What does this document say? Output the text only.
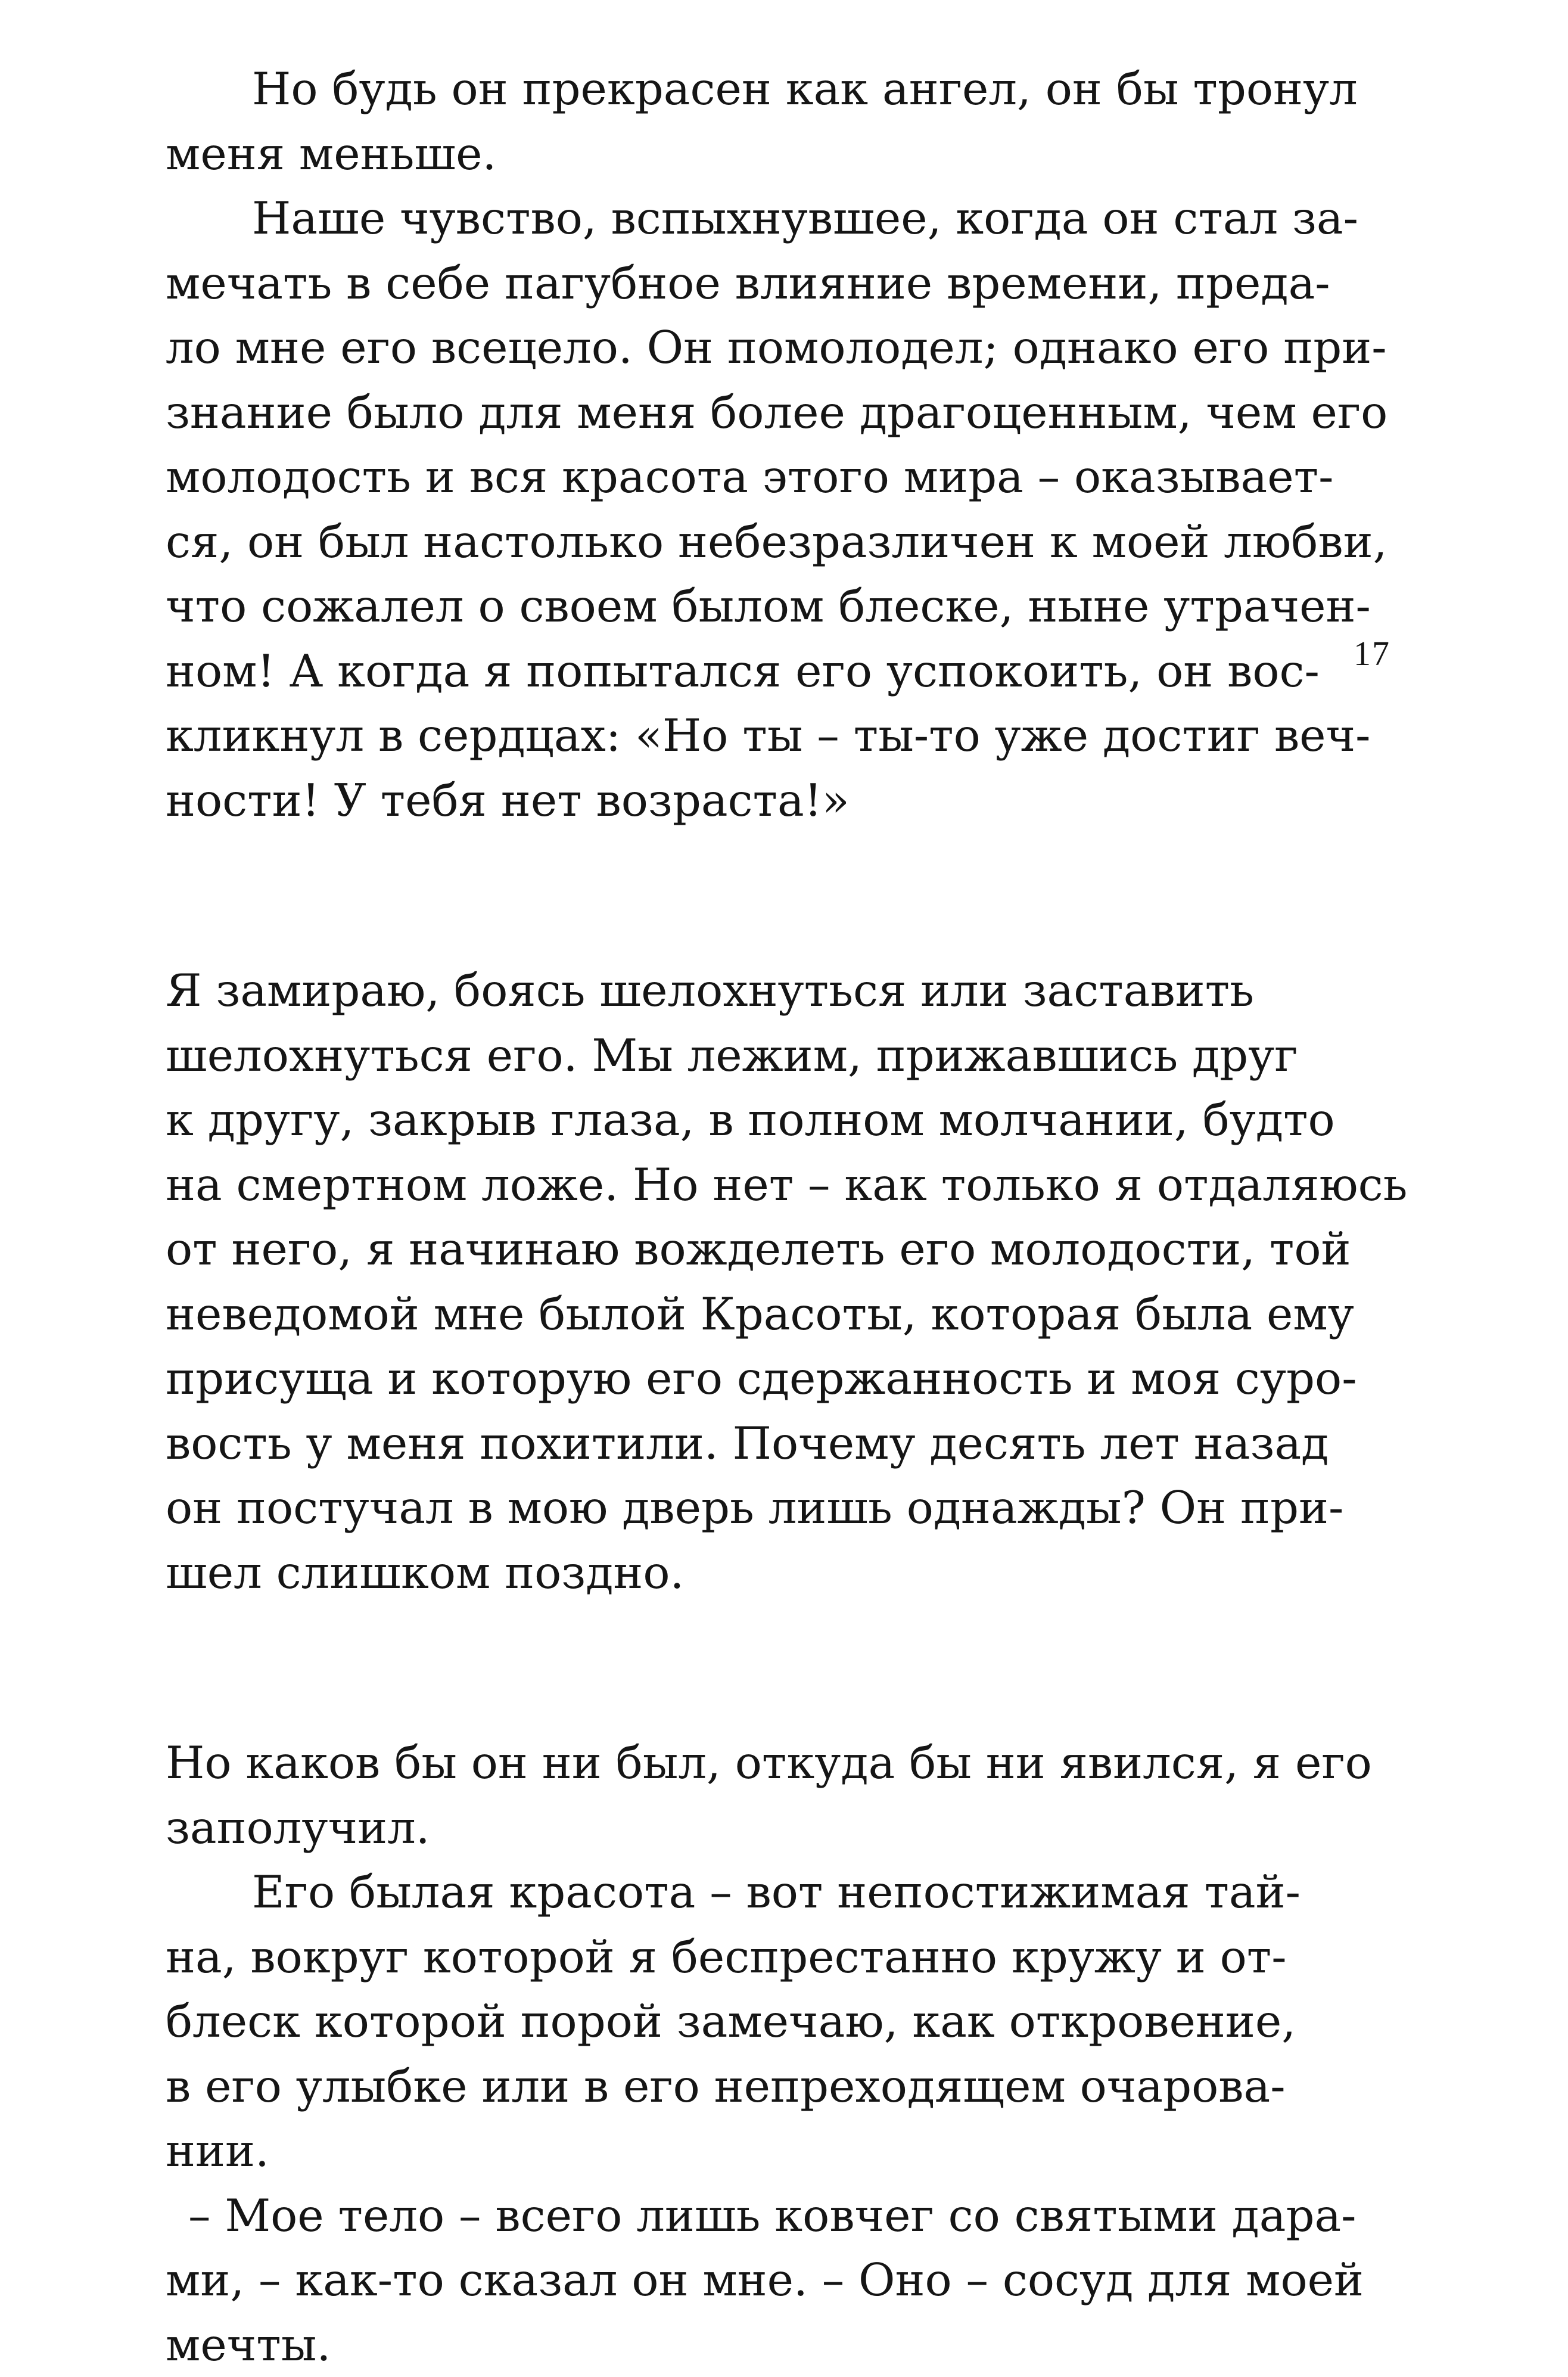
Но будь он прекрасен как ангел, он бы тронул
меня меньше.
Наше чувство, вспыхнувшее, когда он стал за-
мечать в себе пагубное влияние времени, преда-
ло мне его всецело. Он помолодел; однако его при-
знание было для меня более драгоценным, чем его
молодость и вся красота этого мира – оказывает-
ся, он был настолько небезразличен к моей любви,
что сожалел о своем былом блеске, ныне утрачен-
ном! А когда я попытался его успокоить, он вос-
кликнул в сердцах: «Но ты – ты-то уже достиг веч-
ности! У тебя нет возраста!»
Я замираю, боясь шелохнуться или заставить
шелохнуться его. Мы лежим, прижавшись друг
к другу, закрыв глаза, в полном молчании, будто
на смертном ложе. Но нет – как только я отдаляюсь
от него, я начинаю вожделеть его молодости, той
неведомой мне былой Красоты, которая была ему
присуща и которую его сдержанность и моя суро-
вость у меня похитили. Почему десять лет назад
он постучал в мою дверь лишь однажды? Он при-
шел слишком поздно.
Но каков бы он ни был, откуда бы ни явился, я его
заполучил.
Его былая красота – вот непостижимая тай-
на, вокруг которой я беспрестанно кружу и от-
блеск которой порой замечаю, как откровение,
в его улыбке или в его непреходящем очарова-
нии.
– Мое тело – всего лишь ковчег со святыми дара-
ми, – как-то сказал он мне. – Оно – сосуд для моей
мечты.
17
